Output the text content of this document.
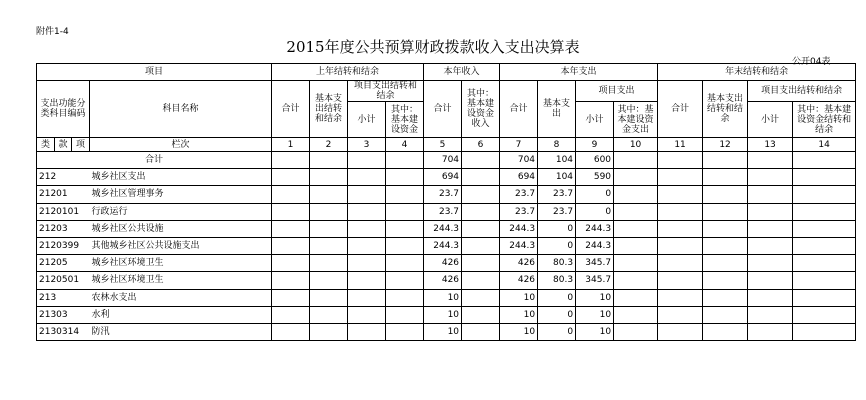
附件1-4
2015年度公共预算财政拨款收入支出决算表
公开04表
项目				上年结转和结余				本年收入		本年支出				年末结转和结余			
支出功能分类科目编码			科目名称	合计	基本支出结转和结余	项目支出结转和结余		合计	其中：基本建设资金收入	合计	基本支出	项目支出		合计	基本支出结转和结余	项目支出结转和结余	
						小计	其中：基本建设资金					小计	其中：基本建设资金支出			小计	其中：基本建设资金结转和结余

类	款	项	栏次	1	2	3	4	5	6	7	8	9	10	11	12	13	14
合计								704		704	104	600					
212			城乡社区支出					694		694	104	590					
21201			城乡社区管理事务					23.7		23.7	23.7	0					
2120101			行政运行					23.7		23.7	23.7	0					
21203			城乡社区公共设施					244.3		244.3	0	244.3					
2120399			其他城乡社区公共设施支出					244.3		244.3	0	244.3					
21205			城乡社区环境卫生					426		426	80.3	345.7					
2120501			城乡社区环境卫生					426		426	80.3	345.7					
213			农林水支出					10		10	0	10					
21303			水利					10		10	0	10					
2130314			防汛					10		10	0	10					
